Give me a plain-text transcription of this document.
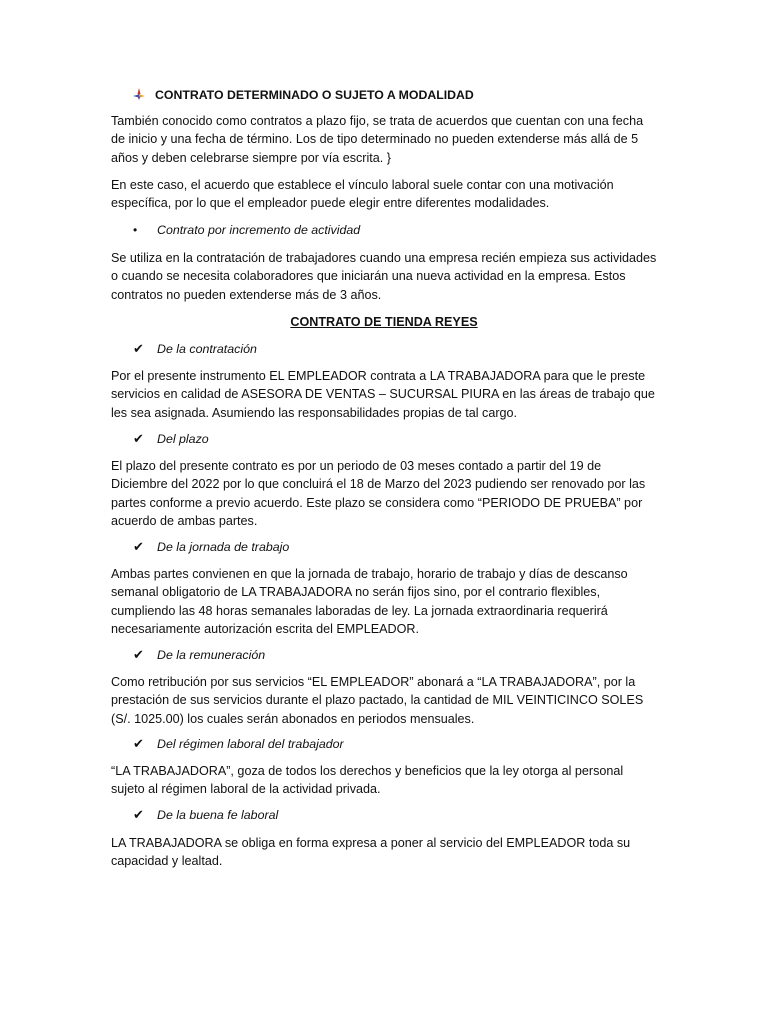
CONTRATO DETERMINADO O SUJETO A MODALIDAD

También conocido como contratos a plazo fijo, se trata de acuerdos que cuentan con una fecha de inicio y una fecha de término. Los de tipo determinado no pueden extenderse más allá de 5 años y deben celebrarse siempre por vía escrita. }

En este caso, el acuerdo que establece el vínculo laboral suele contar con una motivación específica, por lo que el empleador puede elegir entre diferentes modalidades.

• Contrato por incremento de actividad

Se utiliza en la contratación de trabajadores cuando una empresa recién empieza sus actividades o cuando se necesita colaboradores que iniciarán una nueva actividad en la empresa. Estos contratos no pueden extenderse más de 3 años.

CONTRATO DE TIENDA REYES
✔ De la contratación

Por el presente instrumento EL EMPLEADOR contrata a LA TRABAJADORA para que le preste servicios en calidad de ASESORA DE VENTAS – SUCURSAL PIURA en las áreas de trabajo que les sea asignada. Asumiendo las responsabilidades propias de tal cargo.

✔ Del plazo

El plazo del presente contrato es por un periodo de 03 meses contado a partir del 19 de Diciembre del 2022 por lo que concluirá el 18 de Marzo del 2023 pudiendo ser renovado por las partes conforme a previo acuerdo. Este plazo se considera como “PERIODO DE PRUEBA” por acuerdo de ambas partes.

✔ De la jornada de trabajo

Ambas partes convienen en que la jornada de trabajo, horario de trabajo y días de descanso semanal obligatorio de LA TRABAJADORA no serán fijos sino, por el contrario flexibles, cumpliendo las 48 horas semanales laboradas de ley. La jornada extraordinaria requerirá necesariamente autorización escrita del EMPLEADOR.

✔ De la remuneración

Como retribución por sus servicios “EL EMPLEADOR” abonará a “LA TRABAJADORA”, por la prestación de sus servicios durante el plazo pactado, la cantidad de MIL VEINTICINCO SOLES (S/. 1025.00) los cuales serán abonados en periodos mensuales.

✔ Del régimen laboral del trabajador

“LA TRABAJADORA”, goza de todos los derechos y beneficios que la ley otorga al personal sujeto al régimen laboral de la actividad privada.

✔ De la buena fe laboral

LA TRABAJADORA se obliga en forma expresa a poner al servicio del EMPLEADOR toda su capacidad y lealtad.
